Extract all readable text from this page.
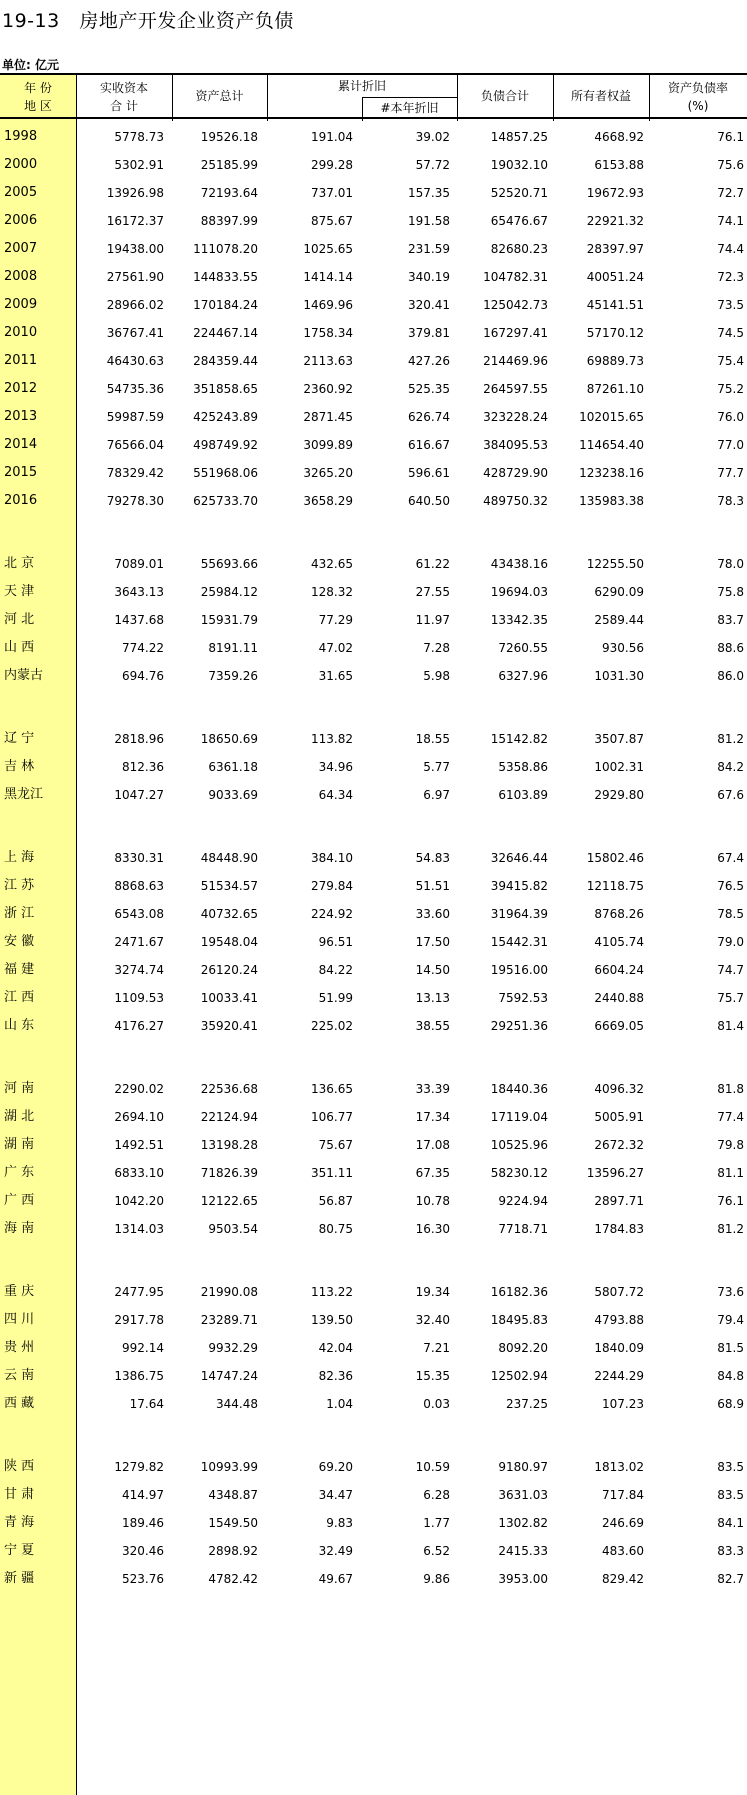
19-13   房地产开发企业资产负债
单位: 亿元
年 份
地 区
实收资本
合 计
资产总计
累计折旧
#本年折旧
负债合计	所有者权益
资产负债率
(%)
1998	5778.73	19526.18	191.04	39.02	14857.25	4668.92	76.1
2000	5302.91	25185.99	299.28	57.72	19032.10	6153.88	75.6
2005	13926.98	72193.64	737.01	157.35	52520.71	19672.93	72.7
2006	16172.37	88397.99	875.67	191.58	65476.67	22921.32	74.1
2007	19438.00	111078.20	1025.65	231.59	82680.23	28397.97	74.4
2008	27561.90	144833.55	1414.14	340.19	104782.31	40051.24	72.3
2009	28966.02	170184.24	1469.96	320.41	125042.73	45141.51	73.5
2010	36767.41	224467.14	1758.34	379.81	167297.41	57170.12	74.5
2011	46430.63	284359.44	2113.63	427.26	214469.96	69889.73	75.4
2012	54735.36	351858.65	2360.92	525.35	264597.55	87261.10	75.2
2013	59987.59	425243.89	2871.45	626.74	323228.24	102015.65	76.0
2014	76566.04	498749.92	3099.89	616.67	384095.53	114654.40	77.0
2015	78329.42	551968.06	3265.20	596.61	428729.90	123238.16	77.7
2016	79278.30	625733.70	3658.29	640.50	489750.32	135983.38	78.3
北 京	7089.01	55693.66	432.65	61.22	43438.16	12255.50	78.0
天 津	3643.13	25984.12	128.32	27.55	19694.03	6290.09	75.8
河 北	1437.68	15931.79	77.29	11.97	13342.35	2589.44	83.7
山 西	774.22	8191.11	47.02	7.28	7260.55	930.56	88.6
内蒙古	694.76	7359.26	31.65	5.98	6327.96	1031.30	86.0
辽 宁	2818.96	18650.69	113.82	18.55	15142.82	3507.87	81.2
吉 林	812.36	6361.18	34.96	5.77	5358.86	1002.31	84.2
黑龙江	1047.27	9033.69	64.34	6.97	6103.89	2929.80	67.6
上 海	8330.31	48448.90	384.10	54.83	32646.44	15802.46	67.4
江 苏	8868.63	51534.57	279.84	51.51	39415.82	12118.75	76.5
浙 江	6543.08	40732.65	224.92	33.60	31964.39	8768.26	78.5
安 徽	2471.67	19548.04	96.51	17.50	15442.31	4105.74	79.0
福 建	3274.74	26120.24	84.22	14.50	19516.00	6604.24	74.7
江 西	1109.53	10033.41	51.99	13.13	7592.53	2440.88	75.7
山 东	4176.27	35920.41	225.02	38.55	29251.36	6669.05	81.4
河 南	2290.02	22536.68	136.65	33.39	18440.36	4096.32	81.8
湖 北	2694.10	22124.94	106.77	17.34	17119.04	5005.91	77.4
湖 南	1492.51	13198.28	75.67	17.08	10525.96	2672.32	79.8
广 东	6833.10	71826.39	351.11	67.35	58230.12	13596.27	81.1
广 西	1042.20	12122.65	56.87	10.78	9224.94	2897.71	76.1
海 南	1314.03	9503.54	80.75	16.30	7718.71	1784.83	81.2
重 庆	2477.95	21990.08	113.22	19.34	16182.36	5807.72	73.6
四 川	2917.78	23289.71	139.50	32.40	18495.83	4793.88	79.4
贵 州	992.14	9932.29	42.04	7.21	8092.20	1840.09	81.5
云 南	1386.75	14747.24	82.36	15.35	12502.94	2244.29	84.8
西 藏	17.64	344.48	1.04	0.03	237.25	107.23	68.9
陕 西	1279.82	10993.99	69.20	10.59	9180.97	1813.02	83.5
甘 肃	414.97	4348.87	34.47	6.28	3631.03	717.84	83.5
青 海	189.46	1549.50	9.83	1.77	1302.82	246.69	84.1
宁 夏	320.46	2898.92	32.49	6.52	2415.33	483.60	83.3
新 疆	523.76	4782.42	49.67	9.86	3953.00	829.42	82.7
